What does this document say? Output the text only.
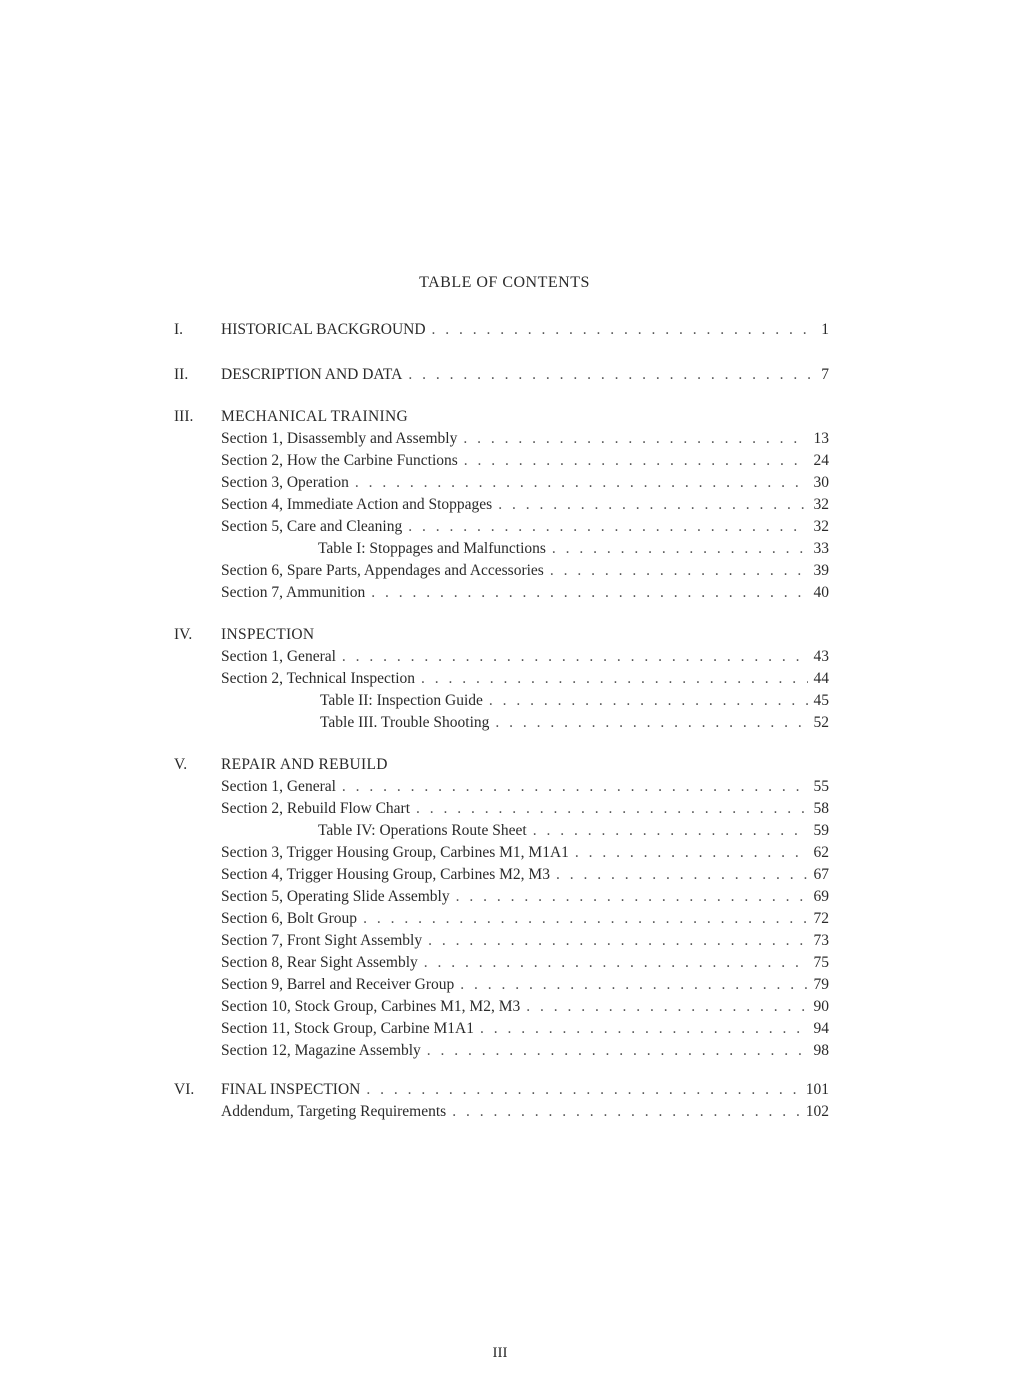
TABLE OF CONTENTS
I. HISTORICAL BACKGROUND . . .	1
II. DESCRIPTION AND DATA . . .	7
III. MECHANICAL TRAINING
Section 1, Disassembly and Assembly . . .	13
Section 2, How the Carbine Functions . . .	24
Section 3, Operation . . .	30
Section 4, Immediate Action and Stoppages . . .	32
Section 5, Care and Cleaning . . .	32
Table I: Stoppages and Malfunctions . . .	33
Section 6, Spare Parts, Appendages and Accessories . . .	39
Section 7, Ammunition . . .	40
IV. INSPECTION
Section 1, General . . .	43
Section 2, Technical Inspection . . .	44
Table II: Inspection Guide . . .	45
Table III. Trouble Shooting . . .	52
V. REPAIR AND REBUILD
Section 1, General . . .	55
Section 2, Rebuild Flow Chart . . .	58
Table IV: Operations Route Sheet . . .	59
Section 3, Trigger Housing Group, Carbines M1, M1A1 . . .	62
Section 4, Trigger Housing Group, Carbines M2, M3 . . .	67
Section 5, Operating Slide Assembly . . .	69
Section 6, Bolt Group . . .	72
Section 7, Front Sight Assembly . . .	73
Section 8, Rear Sight Assembly . . .	75
Section 9, Barrel and Receiver Group . . .	79
Section 10, Stock Group, Carbines M1, M2, M3 . . .	90
Section 11, Stock Group, Carbine M1A1 . . .	94
Section 12, Magazine Assembly . . .	98
VI. FINAL INSPECTION . . .	101
Addendum, Targeting Requirements . . .	102
III
